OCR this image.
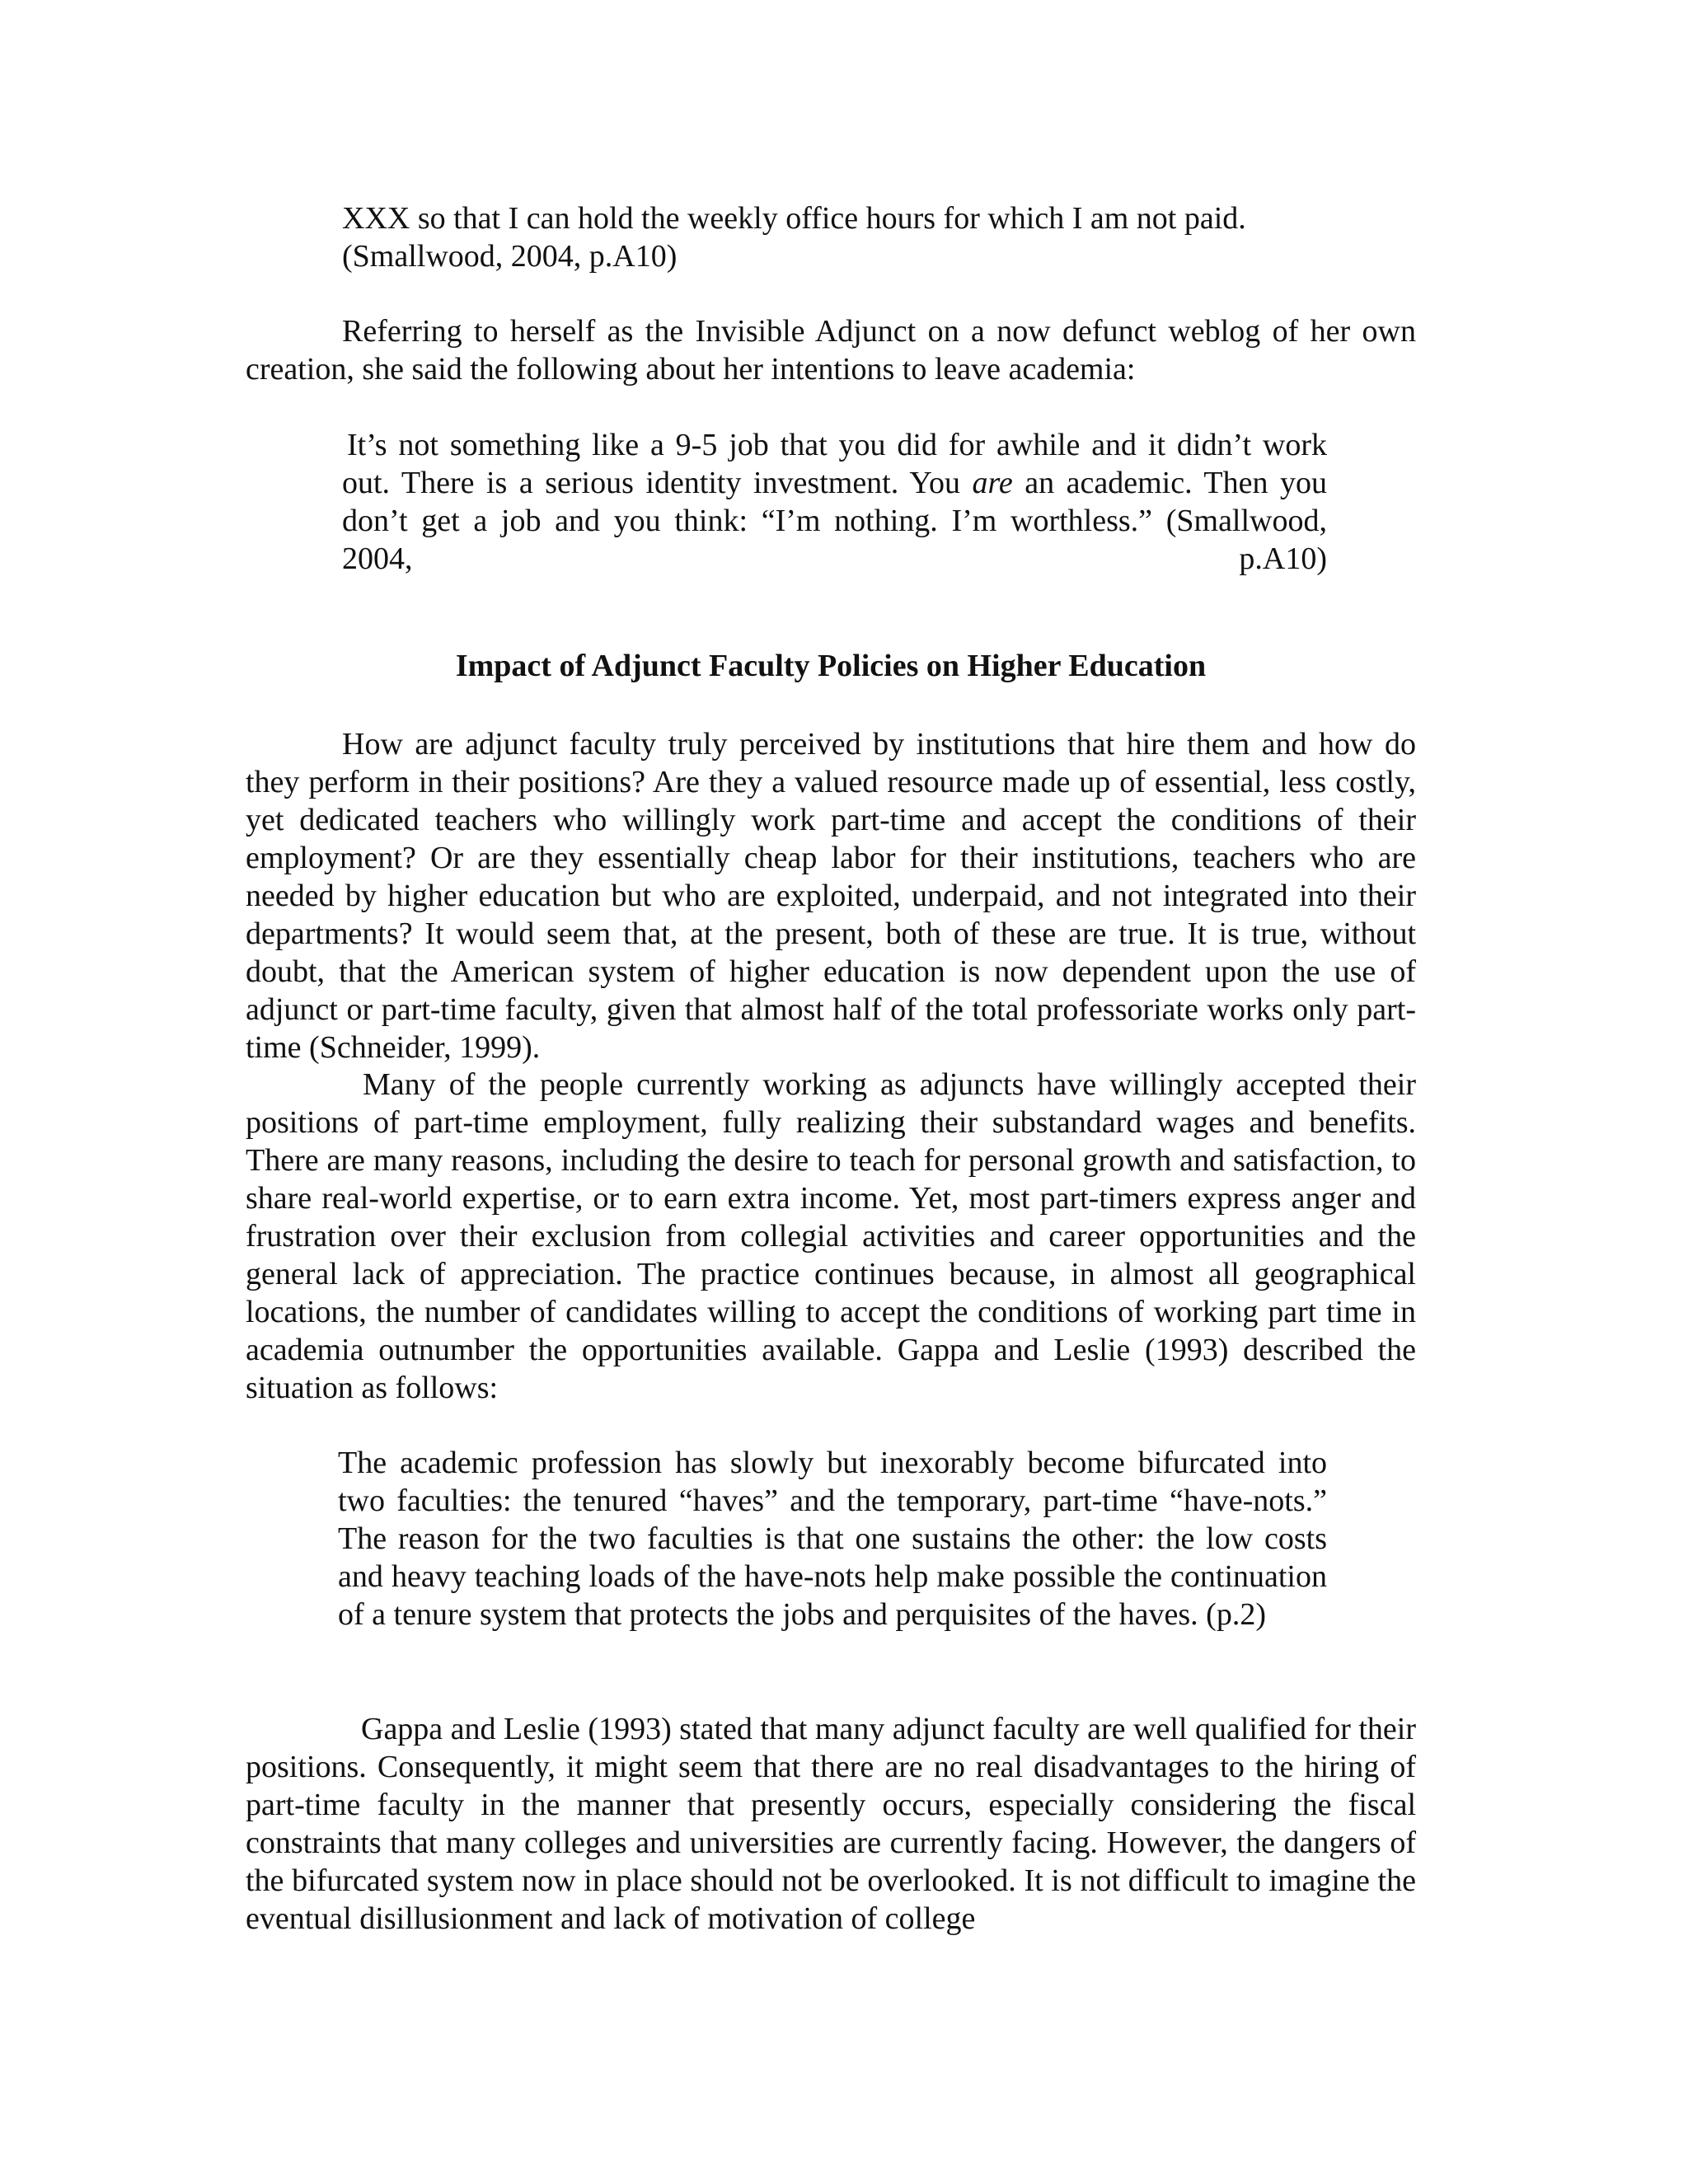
XXX so that I can hold the weekly office hours for which I am not paid.
(Smallwood, 2004, p.A10)

Referring to herself as the Invisible Adjunct on a now defunct weblog of her own creation, she said the following about her intentions to leave academia:

It’s not something like a 9-5 job that you did for awhile and it didn’t work out. There is a serious identity investment. You are an academic. Then you don’t get a job and you think: “I’m nothing. I’m worthless.” (Smallwood, 2004, p.A10)

Impact of Adjunct Faculty Policies on Higher Education

How are adjunct faculty truly perceived by institutions that hire them and how do they perform in their positions? Are they a valued resource made up of essential, less costly, yet dedicated teachers who willingly work part-time and accept the conditions of their employment? Or are they essentially cheap labor for their institutions, teachers who are needed by higher education but who are exploited, underpaid, and not integrated into their departments? It would seem that, at the present, both of these are true. It is true, without doubt, that the American system of higher education is now dependent upon the use of adjunct or part-time faculty, given that almost half of the total professoriate works only part-time (Schneider, 1999).

Many of the people currently working as adjuncts have willingly accepted their positions of part-time employment, fully realizing their substandard wages and benefits. There are many reasons, including the desire to teach for personal growth and satisfaction, to share real-world expertise, or to earn extra income. Yet, most part-timers express anger and frustration over their exclusion from collegial activities and career opportunities and the general lack of appreciation. The practice continues because, in almost all geographical locations, the number of candidates willing to accept the conditions of working part time in academia outnumber the opportunities available. Gappa and Leslie (1993) described the situation as follows:

The academic profession has slowly but inexorably become bifurcated into two faculties: the tenured “haves” and the temporary, part-time “have-nots.” The reason for the two faculties is that one sustains the other: the low costs and heavy teaching loads of the have-nots help make possible the continuation of a tenure system that protects the jobs and perquisites of the haves. (p.2)

Gappa and Leslie (1993) stated that many adjunct faculty are well qualified for their positions. Consequently, it might seem that there are no real disadvantages to the hiring of part-time faculty in the manner that presently occurs, especially considering the fiscal constraints that many colleges and universities are currently facing. However, the dangers of the bifurcated system now in place should not be overlooked. It is not difficult to imagine the eventual disillusionment and lack of motivation of college
